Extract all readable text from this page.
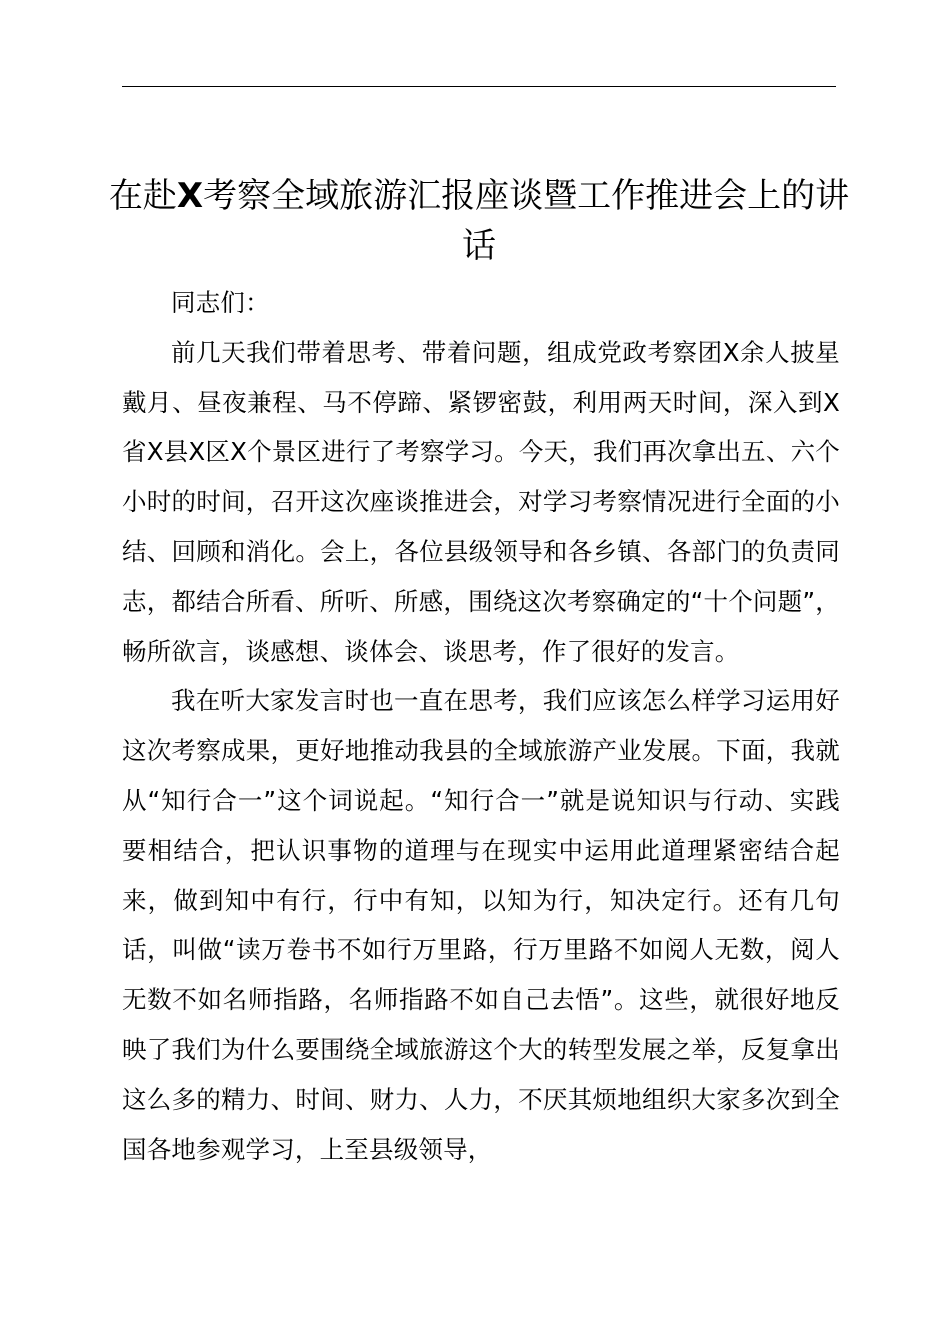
在赴X考察全域旅游汇报座谈暨工作推进会上的讲话

同志们：

前几天我们带着思考、带着问题，组成党政考察团X余人披星戴月、昼夜兼程、马不停蹄、紧锣密鼓，利用两天时间，深入到X省X县X区X个景区进行了考察学习。今天，我们再次拿出五、六个小时的时间，召开这次座谈推进会，对学习考察情况进行全面的小结、回顾和消化。会上，各位县级领导和各乡镇、各部门的负责同志，都结合所看、所听、所感，围绕这次考察确定的“十个问题”，畅所欲言，谈感想、谈体会、谈思考，作了很好的发言。

我在听大家发言时也一直在思考，我们应该怎么样学习运用好这次考察成果，更好地推动我县的全域旅游产业发展。下面，我就从“知行合一”这个词说起。“知行合一”就是说知识与行动、实践要相结合，把认识事物的道理与在现实中运用此道理紧密结合起来，做到知中有行，行中有知，以知为行，知决定行。还有几句话，叫做“读万卷书不如行万里路，行万里路不如阅人无数，阅人无数不如名师指路，名师指路不如自己去悟”。这些，就很好地反映了我们为什么要围绕全域旅游这个大的转型发展之举，反复拿出这么多的精力、时间、财力、人力，不厌其烦地组织大家多次到全国各地参观学习，上至县级领导，
